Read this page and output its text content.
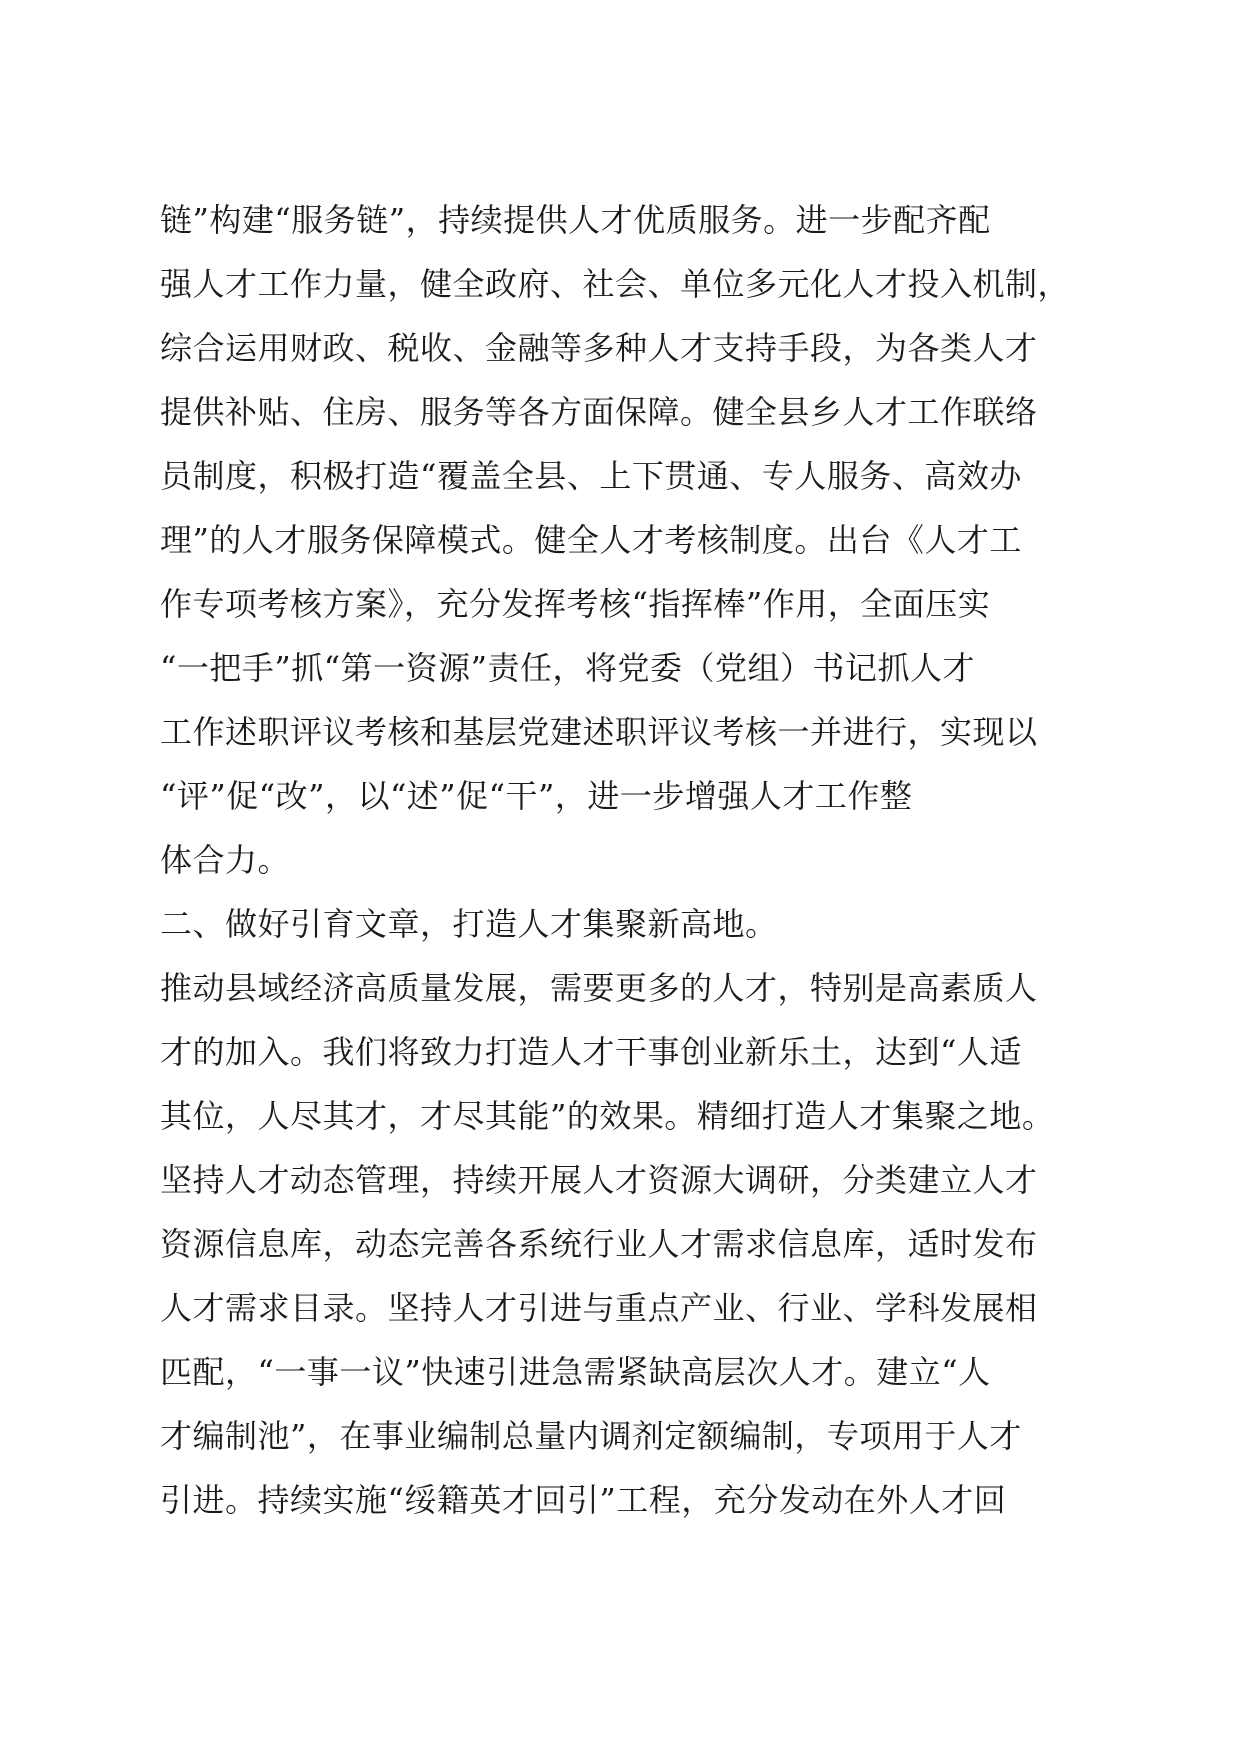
链”构建“服务链”，持续提供人才优质服务。进一步配齐配
强人才工作力量，健全政府、社会、单位多元化人才投入机制，
综合运用财政、税收、金融等多种人才支持手段，为各类人才
提供补贴、住房、服务等各方面保障。健全县乡人才工作联络
员制度，积极打造“覆盖全县、上下贯通、专人服务、高效办
理”的人才服务保障模式。健全人才考核制度。出台《人才工
作专项考核方案》，充分发挥考核“指挥棒”作用，全面压实
“一把手”抓“第一资源”责任，将党委（党组）书记抓人才
工作述职评议考核和基层党建述职评议考核一并进行，实现以
“评”促“改”，以“述”促“干”，进一步增强人才工作整
体合力。
二、做好引育文章，打造人才集聚新高地。
推动县域经济高质量发展，需要更多的人才，特别是高素质人
才的加入。我们将致力打造人才干事创业新乐土，达到“人适
其位，人尽其才，才尽其能”的效果。精细打造人才集聚之地。
坚持人才动态管理，持续开展人才资源大调研，分类建立人才
资源信息库，动态完善各系统行业人才需求信息库，适时发布
人才需求目录。坚持人才引进与重点产业、行业、学科发展相
匹配，“一事一议”快速引进急需紧缺高层次人才。建立“人
才编制池”，在事业编制总量内调剂定额编制，专项用于人才
引进。持续实施“绥籍英才回引”工程，充分发动在外人才回
